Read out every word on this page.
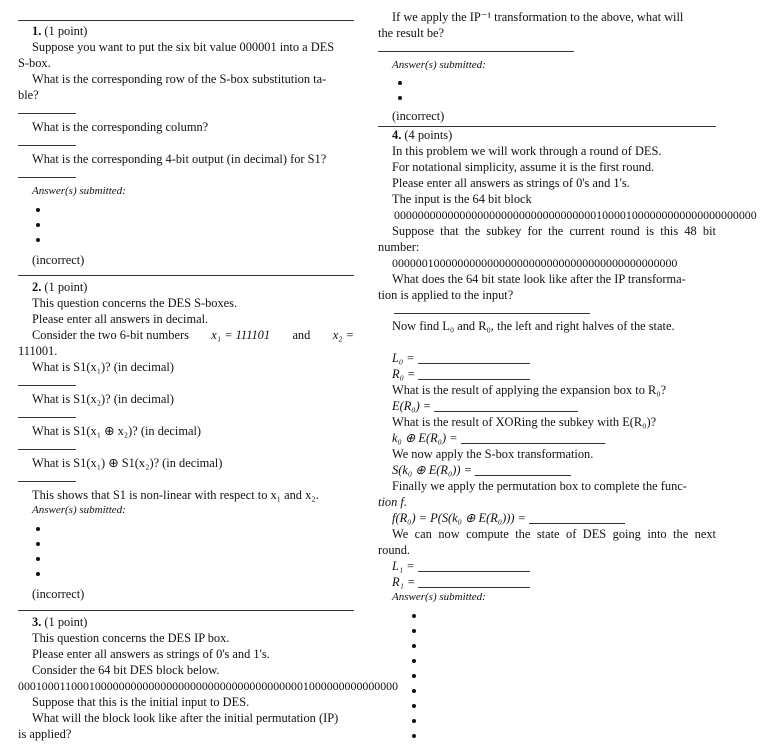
1. (1 point)
Suppose you want to put the six bit value 000001 into a DES
S-box.
What is the corresponding row of the S-box substitution ta-
ble?
What is the corresponding column?
What is the corresponding 4-bit output (in decimal) for S1?
Answer(s) submitted:
(incorrect)
2. (1 point)
This question concerns the DES S-boxes.
Please enter all answers in decimal.
Consider the two 6-bit numbers x₁ = 111101 and x₂ =
111001.
What is S1(x₁)? (in decimal)
What is S1(x₂)? (in decimal)
What is S1(x₁ ⊕ x₂)? (in decimal)
What is S1(x₁) ⊕ S1(x₂)? (in decimal)
This shows that S1 is non-linear with respect to x₁ and x₂.
Answer(s) submitted:
(incorrect)
3. (1 point)
This question concerns the DES IP box.
Please enter all answers as strings of 0's and 1's.
Consider the 64 bit DES block below.
0001000110001000000000000000000000000000000000001000000000000000
Suppose that this is the initial input to DES.
What will the block look like after the initial permutation (IP)
is applied?
If we apply the IP⁻¹ transformation to the above, what will
the result be?
Answer(s) submitted:
(incorrect)
4. (4 points)
In this problem we will work through a round of DES.
For notational simplicity, assume it is the first round.
Please enter all answers as strings of 0's and 1's.
The input is the 64 bit block
0000000000000000000000000000000000100001000000000000000000000
Suppose that the subkey for the current round is this 48 bit
number:
000000100000000000000000000000000000000000000000
What does the 64 bit state look like after the IP transforma-
tion is applied to the input?
Now find L₀ and R₀, the left and right halves of the state.
L₀ =
R₀ =
What is the result of applying the expansion box to R₀?
E(R₀) =
What is the result of XORing the subkey with E(R₀)?
k₀ ⊕ E(R₀) =
We now apply the S-box transformation.
S(k₀ ⊕ E(R₀)) =
Finally we apply the permutation box to complete the func-
tion f.
f(R₀) = P(S(k₀ ⊕ E(R₀))) =
We can now compute the state of DES going into the next
round.
L₁ =
R₁ =
Answer(s) submitted:
